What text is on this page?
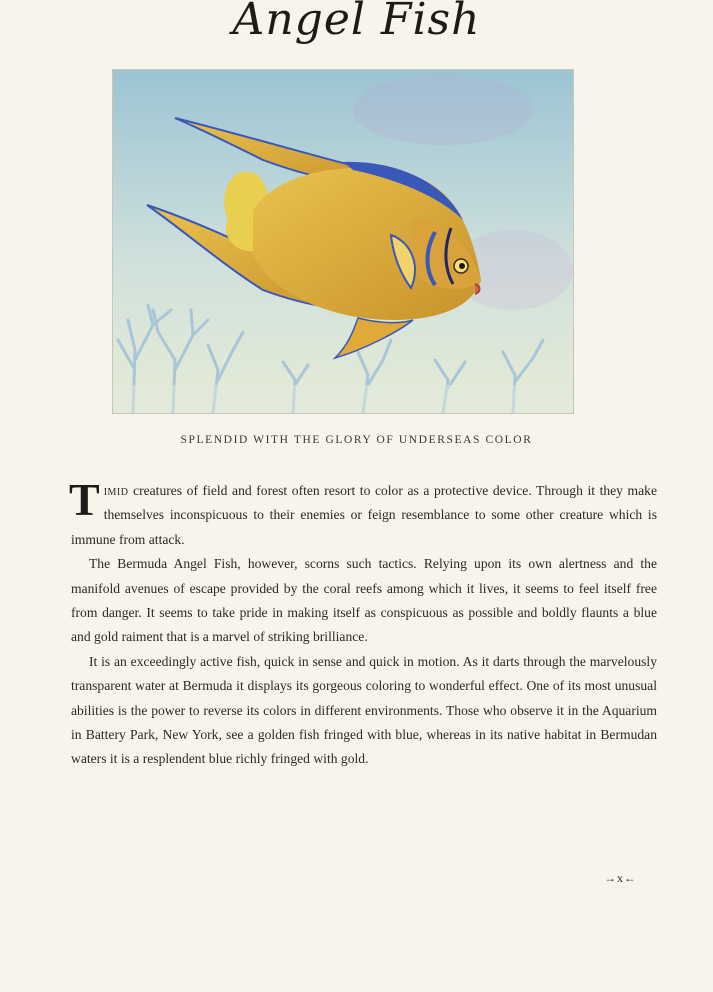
Angel Fish

SPLENDID WITH THE GLORY OF UNDERSEAS COLOR

Timid creatures of field and forest often resort to color as a protective device. Through it they make themselves inconspicuous to their enemies or feign resemblance to some other creature which is immune from attack.

The Bermuda Angel Fish, however, scorns such tactics. Relying upon its own alertness and the manifold avenues of escape provided by the coral reefs among which it lives, it seems to feel itself free from danger. It seems to take pride in making itself as conspicuous as possible and boldly flaunts a blue and gold raiment that is a marvel of striking brilliance.

It is an exceedingly active fish, quick in sense and quick in motion. As it darts through the marvelously transparent water at Bermuda it displays its gorgeous coloring to wonderful effect. One of its most unusual abilities is the power to reverse its colors in different environments. Those who observe it in the Aquarium in Battery Park, New York, see a golden fish fringed with blue, whereas in its native habitat in Bermudan waters it is a resplendent blue richly fringed with gold.

→x←
